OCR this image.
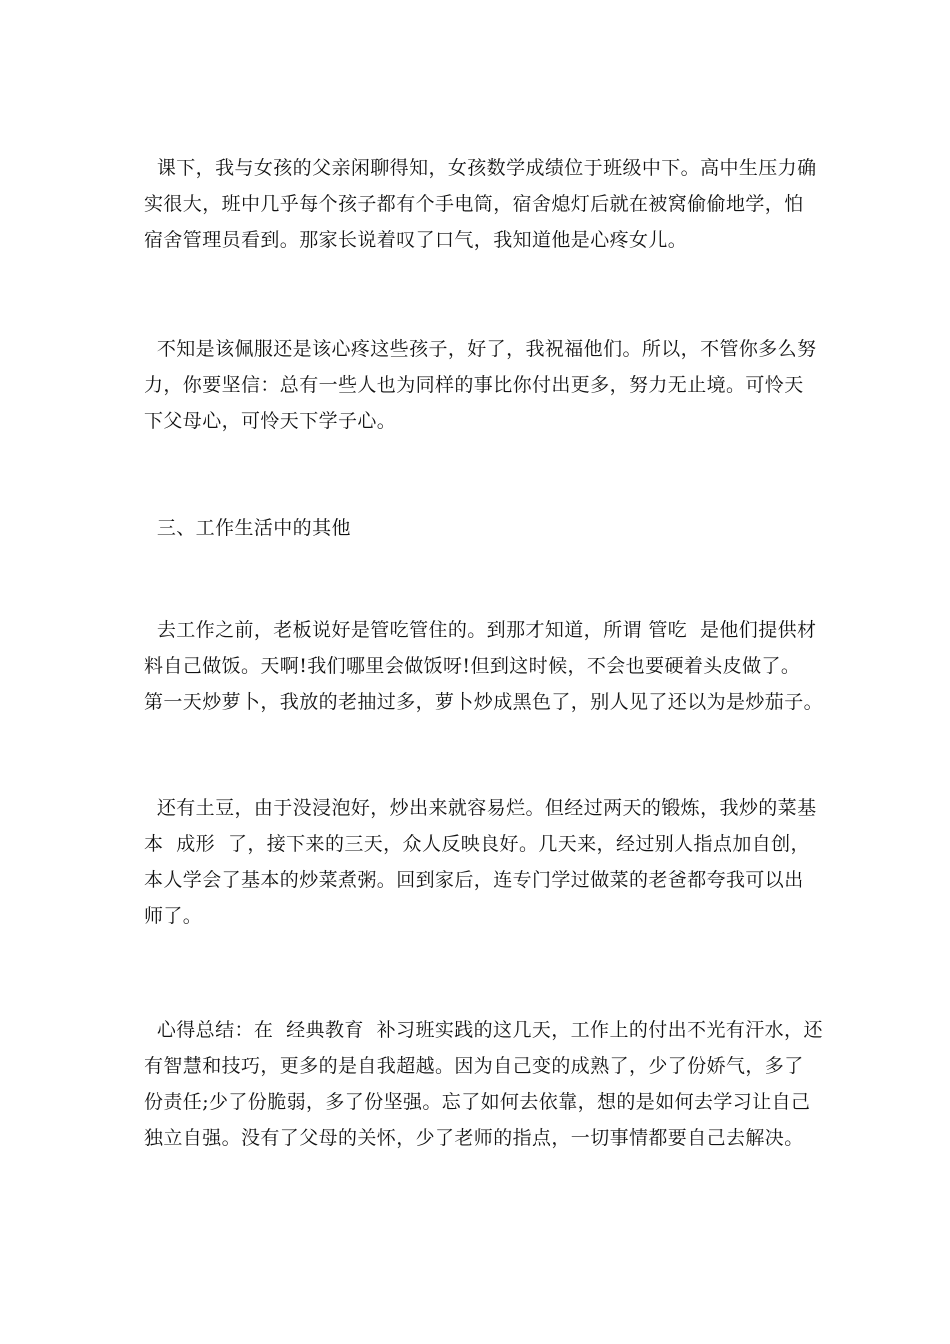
课下，我与女孩的父亲闲聊得知，女孩数学成绩位于班级中下。高中生压力确
实很大，班中几乎每个孩子都有个手电筒，宿舍熄灯后就在被窝偷偷地学，怕
宿舍管理员看到。那家长说着叹了口气，我知道他是心疼女儿。
不知是该佩服还是该心疼这些孩子，好了，我祝福他们。所以，不管你多么努
力，你要坚信：总有一些人也为同样的事比你付出更多，努力无止境。可怜天
下父母心，可怜天下学子心。
三、工作生活中的其他
去工作之前，老板说好是管吃管住的。到那才知道，所谓 管吃  是他们提供材
料自己做饭。天啊!我们哪里会做饭呀!但到这时候，不会也要硬着头皮做了。
第一天炒萝卜，我放的老抽过多，萝卜炒成黑色了，别人见了还以为是炒茄子。
还有土豆，由于没浸泡好，炒出来就容易烂。但经过两天的锻炼，我炒的菜基
本  成形  了，接下来的三天，众人反映良好。几天来，经过别人指点加自创，
本人学会了基本的炒菜煮粥。回到家后，连专门学过做菜的老爸都夸我可以出
师了。
心得总结：在  经典教育  补习班实践的这几天，工作上的付出不光有汗水，还
有智慧和技巧，更多的是自我超越。因为自己变的成熟了，少了份娇气，多了
份责任;少了份脆弱，多了份坚强。忘了如何去依靠，想的是如何去学习让自己
独立自强。没有了父母的关怀，少了老师的指点，一切事情都要自己去解决。
